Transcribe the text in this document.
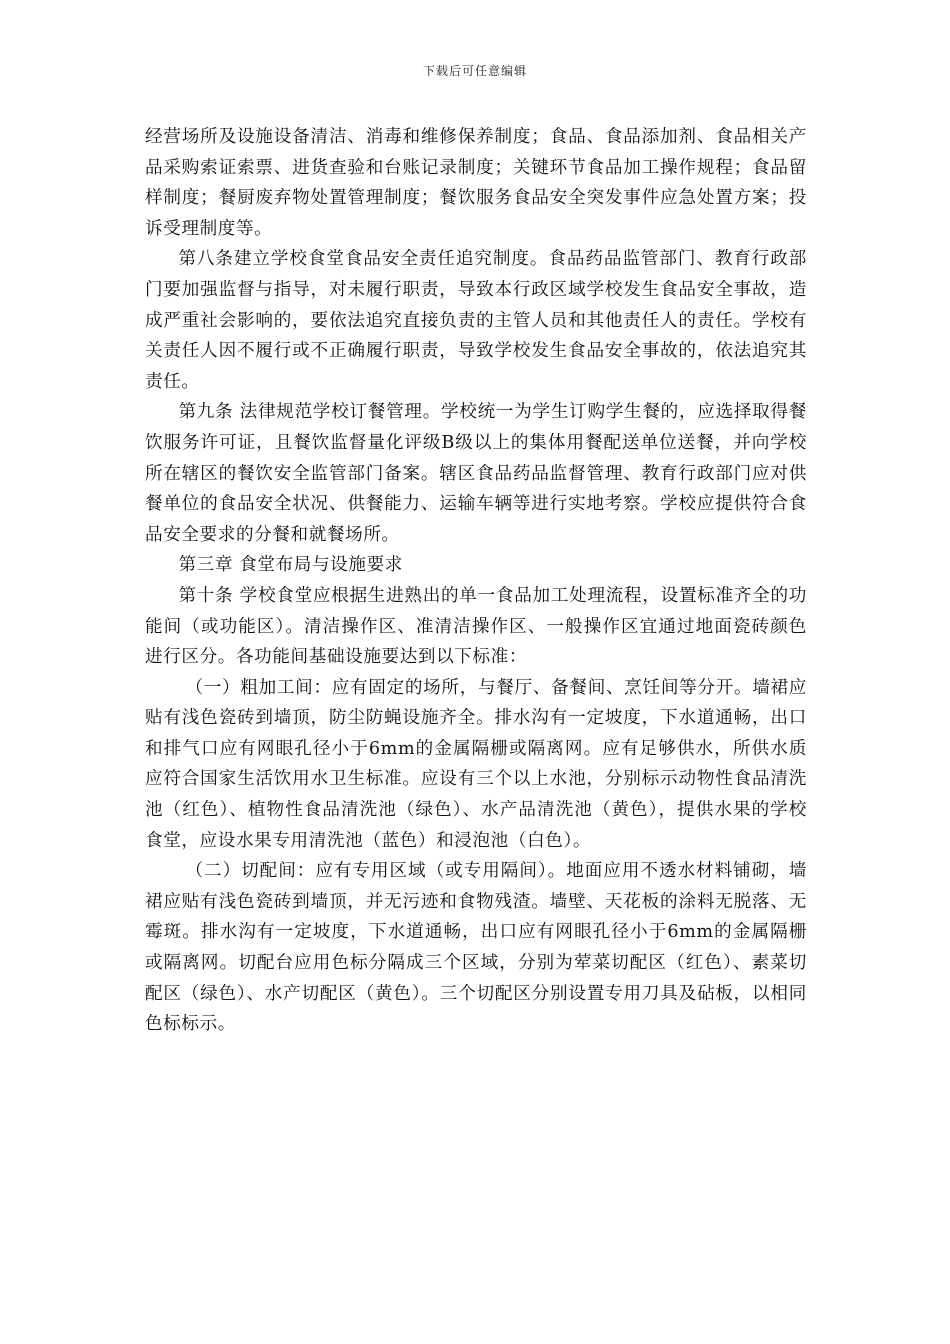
下载后可任意编辑

经营场所及设施设备清洁、消毒和维修保养制度；食品、食品添加剂、食品相关产品采购索证索票、进货查验和台账记录制度；关键环节食品加工操作规程；食品留样制度；餐厨废弃物处置管理制度；餐饮服务食品安全突发事件应急处置方案；投诉受理制度等。

第八条建立学校食堂食品安全责任追究制度。食品药品监管部门、教育行政部门要加强监督与指导，对未履行职责，导致本行政区域学校发生食品安全事故，造成严重社会影响的，要依法追究直接负责的主管人员和其他责任人的责任。学校有关责任人因不履行或不正确履行职责，导致学校发生食品安全事故的，依法追究其责任。

第九条 法律规范学校订餐管理。学校统一为学生订购学生餐的，应选择取得餐饮服务许可证，且餐饮监督量化评级B级以上的集体用餐配送单位送餐，并向学校所在辖区的餐饮安全监管部门备案。辖区食品药品监督管理、教育行政部门应对供餐单位的食品安全状况、供餐能力、运输车辆等进行实地考察。学校应提供符合食品安全要求的分餐和就餐场所。

第三章 食堂布局与设施要求

第十条 学校食堂应根据生进熟出的单一食品加工处理流程，设置标准齐全的功能间（或功能区）。清洁操作区、准清洁操作区、一般操作区宜通过地面瓷砖颜色进行区分。各功能间基础设施要达到以下标准：

（一）粗加工间：应有固定的场所，与餐厅、备餐间、烹饪间等分开。墙裙应贴有浅色瓷砖到墙顶，防尘防蝇设施齐全。排水沟有一定坡度，下水道通畅，出口和排气口应有网眼孔径小于6mm的金属隔栅或隔离网。应有足够供水，所供水质应符合国家生活饮用水卫生标准。应设有三个以上水池，分别标示动物性食品清洗池（红色）、植物性食品清洗池（绿色）、水产品清洗池（黄色），提供水果的学校食堂，应设水果专用清洗池（蓝色）和浸泡池（白色）。

（二）切配间：应有专用区域（或专用隔间）。地面应用不透水材料铺砌，墙裙应贴有浅色瓷砖到墙顶，并无污迹和食物残渣。墙壁、天花板的涂料无脱落、无霉斑。排水沟有一定坡度，下水道通畅，出口应有网眼孔径小于6mm的金属隔栅或隔离网。切配台应用色标分隔成三个区域，分别为荤菜切配区（红色）、素菜切配区（绿色）、水产切配区（黄色）。三个切配区分别设置专用刀具及砧板，以相同色标标示。
